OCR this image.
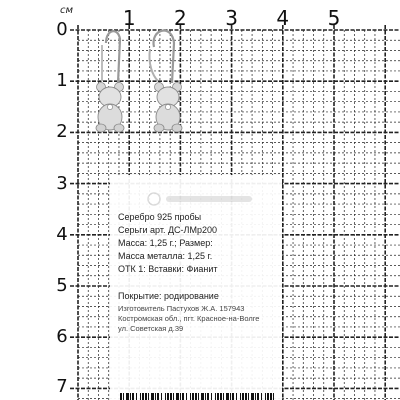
см 1 2 3 4 5
0
1
2
3
4
5
6
7
Серебро 925 пробы
Серьги арт. ДС-ЛМр200
Масса: 1,25 г.; Размер:
Масса металла: 1,25 г.
ОТК 1: Вставки: Фианит
Покрытие: родирование
Изготовитель Пастухов Ж.А. 157943
Костромская обл., пгт. Красное-на-Волге
ул. Советская д.39
